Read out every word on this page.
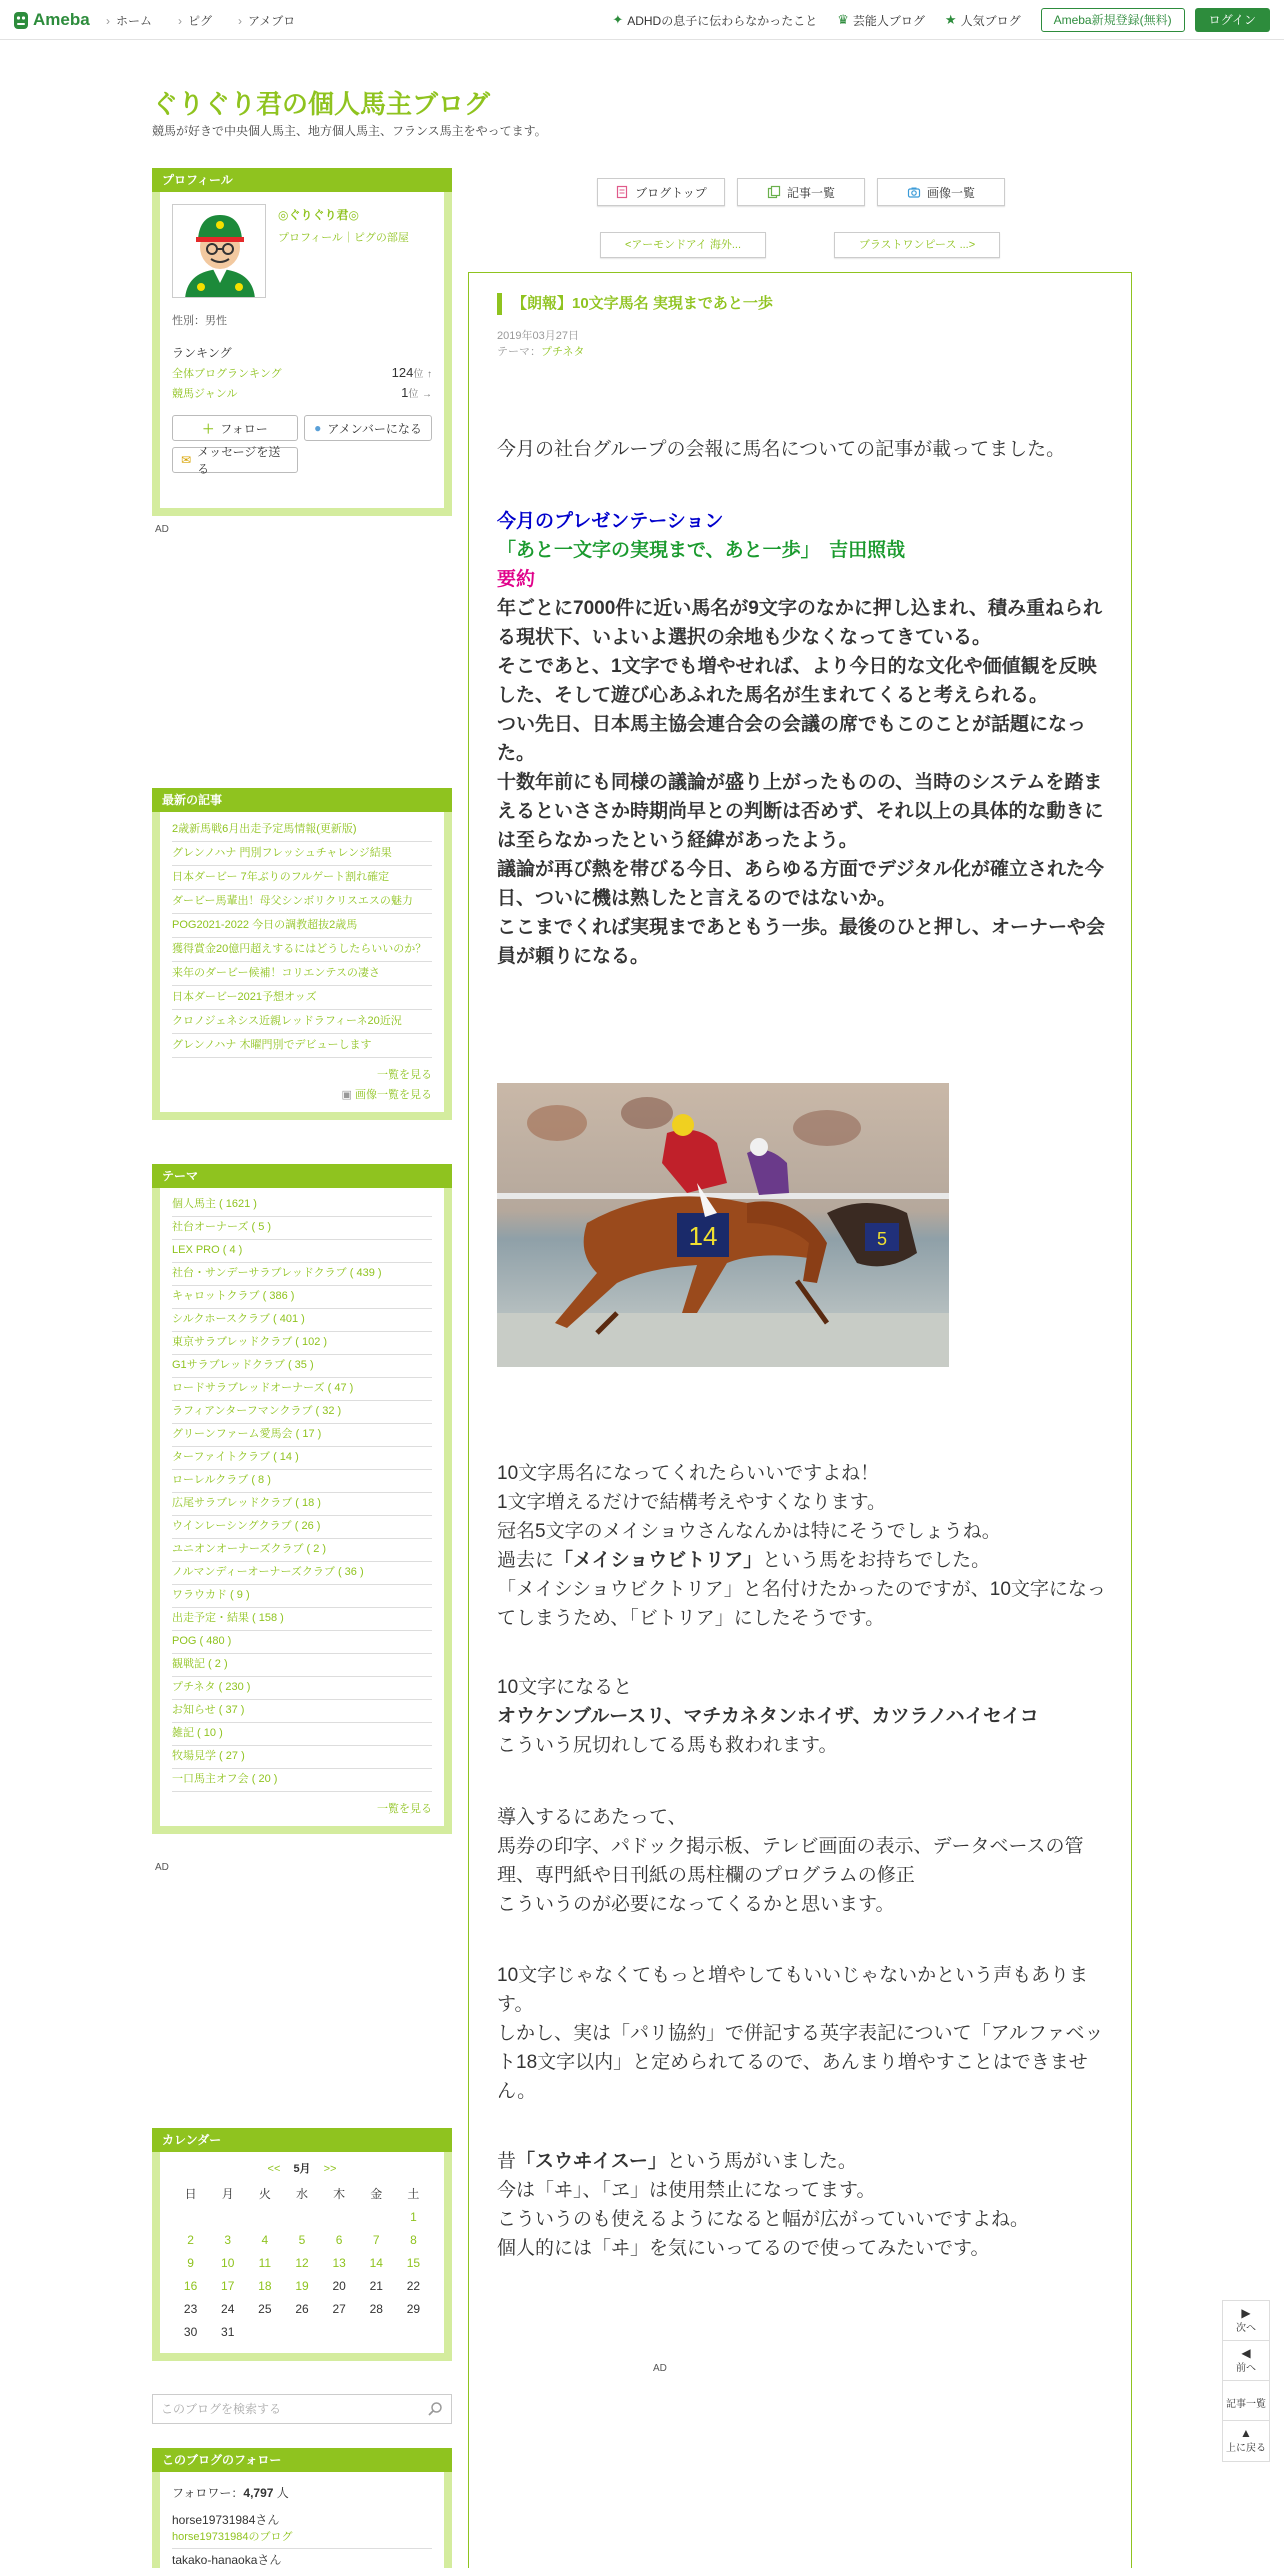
Ameba	› ホーム	› ピグ	› アメブロ	✦ ADHDの息子に伝わらなかったこと ♛ 芸能人ブログ ★ 人気ブログ	Ameba新規登録(無料)	ログイン
ぐりぐり君の個人馬主ブログ
競馬が好きで中央個人馬主、地方個人馬主、フランス馬主をやってます。
プロフィール
◎ぐりぐり君◎
プロフィール｜ピグの部屋
性別：男性
ランキング
全体ブログランキング	124位 ↑
競馬ジャンル	1位 →
＋ フォロー	● アメンバーになる
✉
メッセージを送る
AD
最新の記事
2歳新馬戦6月出走予定馬情報(更新版)
グレンノハナ 門別フレッシュチャレンジ結果
日本ダービー 7年ぶりのフルゲート割れ確定
ダービー馬輩出！母父シンボリクリスエスの魅力
POG2021-2022 今日の調教超抜2歳馬
獲得賞金20億円超えするにはどうしたらいいのか？
来年のダービー候補！コリエンテスの凄さ
日本ダービー2021予想オッズ
クロノジェネシス近親レッドラフィーネ20近況
グレンノハナ 木曜門別でデビューします
一覧を見る
▣ 画像一覧を見る
テーマ
個人馬主 ( 1621 )
社台オーナーズ ( 5 )
LEX PRO ( 4 )
社台・サンデーサラブレッドクラブ ( 439 )
キャロットクラブ ( 386 )
シルクホースクラブ ( 401 )
東京サラブレッドクラブ ( 102 )
G1サラブレッドクラブ ( 35 )
ロードサラブレッドオーナーズ ( 47 )
ラフィアンターフマンクラブ ( 32 )
グリーンファーム愛馬会 ( 17 )
ターファイトクラブ ( 14 )
ローレルクラブ ( 8 )
広尾サラブレッドクラブ ( 18 )
ウインレーシングクラブ ( 26 )
ユニオンオーナーズクラブ ( 2 )
ノルマンディーオーナーズクラブ ( 36 )
ワラウカド ( 9 )
出走予定・結果 ( 158 )
POG ( 480 )
観戦記 ( 2 )
プチネタ ( 230 )
お知らせ ( 37 )
雑記 ( 10 )
牧場見学 ( 27 )
一口馬主オフ会 ( 20 )
一覧を見る
AD
カレンダー
<< 5月 >>
日	月	火	水	木	金	土
						1
2	3	4	5	6	7	8
9	10	11	12	13	14	15
16	17	18	19	20	21	22
23	24	25	26	27	28	29
30	31					
このブログを検索する
このブログのフォロー
フォロワー：4,797 人
horse19731984さん
horse19731984のブログ
takako-hanaokaさん
ブログトップ	記事一覧	画像一覧
<アーモンドアイ 海外...	ブラストワンピース ...>
【朗報】10文字馬名 実現まであと一歩
2019年03月27日
テーマ：プチネタ
今月の社台グループの会報に馬名についての記事が載ってました。
今月のプレゼンテーション
「あと一文字の実現まで、あと一歩」　吉田照哉
要約
年ごとに7000件に近い馬名が9文字のなかに押し込まれ、積み重ねられる現状下、いよいよ選択の余地も少なくなってきている。
そこであと、1文字でも増やせれば、より今日的な文化や価値観を反映した、そして遊び心あふれた馬名が生まれてくると考えられる。
つい先日、日本馬主協会連合会の会議の席でもこのことが話題になった。
十数年前にも同様の議論が盛り上がったものの、当時のシステムを踏まえるといささか時期尚早との判断は否めず、それ以上の具体的な動きには至らなかったという経緯があったよう。
議論が再び熱を帯びる今日、あらゆる方面でデジタル化が確立された今日、ついに機は熟したと言えるのではないか。
ここまでくれば実現まであともう一歩。最後のひと押し、オーナーや会員が頼りになる。
5
14
10文字馬名になってくれたらいいですよね！
1文字増えるだけで結構考えやすくなります。
冠名5文字のメイショウさんなんかは特にそうでしょうね。
過去に「メイショウビトリア」という馬をお持ちでした。
「メイシショウビクトリア」と名付けたかったのですが、10文字になってしまうため、「ビトリア」にしたそうです。
10文字になると
オウケンブルースリ、マチカネタンホイザ、カツラノハイセイコ
こういう尻切れしてる馬も救われます。
導入するにあたって、
馬券の印字、パドック掲示板、テレビ画面の表示、データベースの管理、専門紙や日刊紙の馬柱欄のプログラムの修正
こういうのが必要になってくるかと思います。
10文字じゃなくてもっと増やしてもいいじゃないかという声もあります。
しかし、実は「パリ協約」で併記する英字表記について「アルファベット18文字以内」と定められてるので、あんまり増やすことはできません。
昔「スウヰイスー」という馬がいました。
今は「ヰ」、「ヱ」は使用禁止になってます。
こういうのも使えるようになると幅が広がっていいですよね。
個人的には「ヰ」を気にいってるので使ってみたいです。
AD
▶
次へ
◀
前へ
記事一覧
▲
上に戻る
